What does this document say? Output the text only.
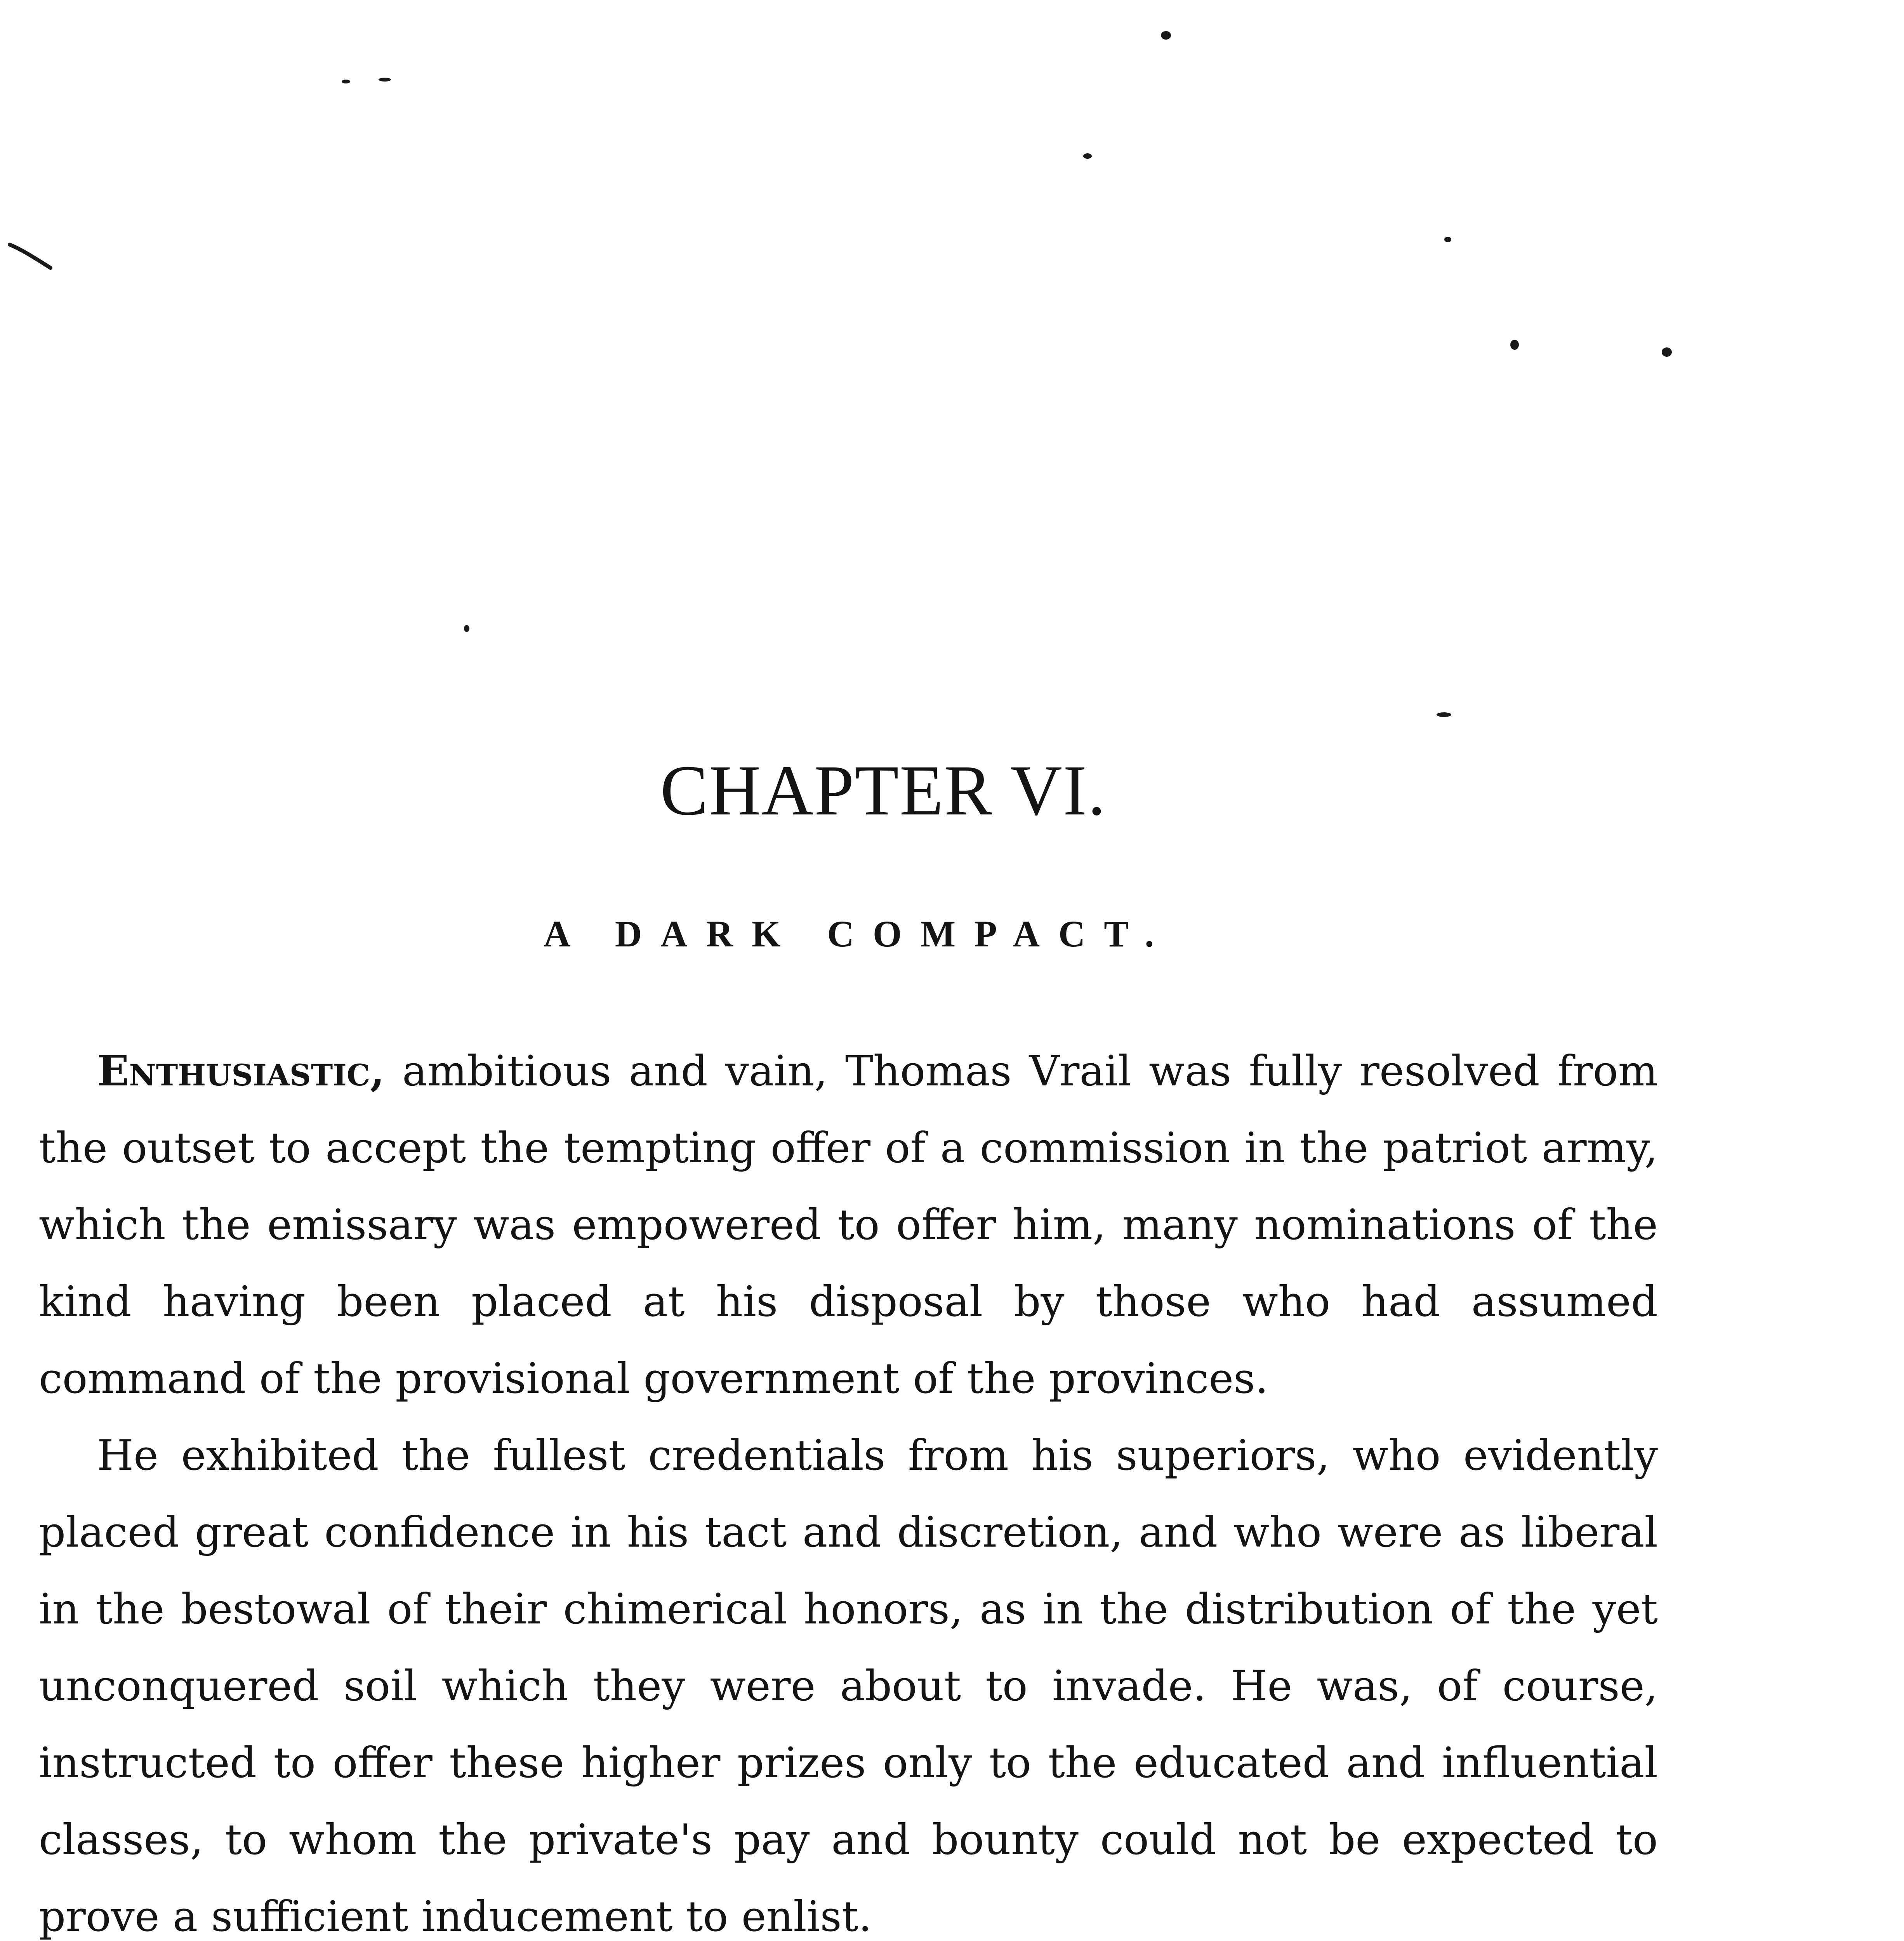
CHAPTER VI.
A DARK COMPACT.

Enthusiastic, ambitious and vain, Thomas Vrail was fully resolved from the outset to accept the tempting offer of a commission in the patriot army, which the emissary was empowered to offer him, many nominations of the kind having been placed at his disposal by those who had assumed command of the provisional government of the provinces.

He exhibited the fullest credentials from his superiors, who evidently placed great confidence in his tact and discretion, and who were as liberal in the bestowal of their chimerical honors, as in the distribution of the yet unconquered soil which they were about to invade. He was, of course, instructed to offer these higher prizes only to the educated and influential classes, to whom the private's pay and bounty could not be expected to prove a sufficient inducement to enlist.
